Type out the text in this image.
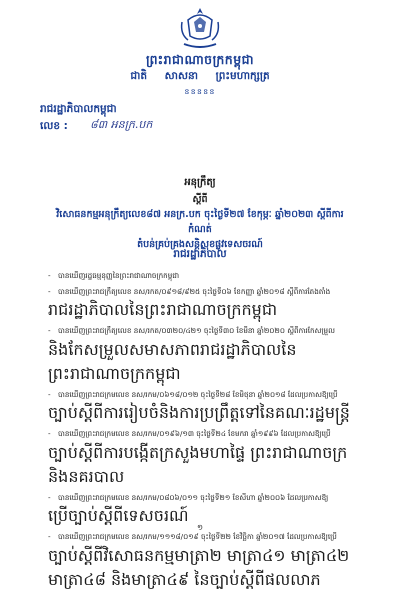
ព្រះរាជាណាចក្រកម្ពុជា
ជាតិ សាសនា ព្រះមហាក្សត្រ
ៜៜៜៜៜ
រាជរដ្ឋាភិបាលកម្ពុជា
លេខ : ៨៣ អនក្រ.បក
អនុក្រឹត្យ
ស្តីពី
វិសោធនកម្មអនុក្រឹត្យលេខ៨៧ អនក្រ.បក ចុះថ្ងៃទី២៧ ខែកុម្ភៈ ឆ្នាំ២០២៣ ស្តីពីការកំណត់
តំបន់គ្រប់គ្រងសន្តិសុខផ្លូវទេសចរណ៍
រាជរដ្ឋាភិបាល
-	បានឃើញរដ្ឋធម្មនុញ្ញនៃព្រះរាជាណាចក្រកម្ពុជា
-	បានឃើញព្រះរាជក្រឹត្យលេខ នស/រកត/០៩១៨/៩២៥ ចុះថ្ងៃទី០៦ ខែកញ្ញា ឆ្នាំ២០១៨ ស្តីពីការតែងតាំង
រាជរដ្ឋាភិបាលនៃព្រះរាជាណាចក្រកម្ពុជា
-	បានឃើញព្រះរាជក្រឹត្យលេខ នស/រកត/០៣២០/៤២១ ចុះថ្ងៃទី៣០ ខែមីនា ឆ្នាំ២០២០ ស្តីពីការកែសម្រួល
និងកែសម្រួលសមាសភាពរាជរដ្ឋាភិបាលនៃព្រះរាជាណាចក្រកម្ពុជា
-	បានឃើញព្រះរាជក្រមលេខ នស/រកម/០៦១៨/០១២ ចុះថ្ងៃទី២៨ ខែមិថុនា ឆ្នាំ២០១៨ ដែលប្រកាសឱ្យប្រើ
ច្បាប់ស្តីពីការរៀបចំនិងការប្រព្រឹត្តទៅនៃគណៈរដ្ឋមន្ត្រី
-	បានឃើញព្រះរាជក្រមលេខ នស/រកម/០១៩៦/១៣ ចុះថ្ងៃទី២៤ ខែមករា ឆ្នាំ១៩៩៦ ដែលប្រកាសឱ្យប្រើ
ច្បាប់ស្តីពីការបង្កើតក្រសួងមហាផ្ទៃ ព្រះរាជាណាចក្រ និងនគរបាល
-	បានឃើញព្រះរាជក្រមលេខ នស/រកម/០៨០៦/០១១ ចុះថ្ងៃទី២១ ខែសីហា ឆ្នាំ២០០៦ ដែលប្រកាសឱ្យ
ប្រើច្បាប់ស្តីពីទេសចរណ៍
-	បានឃើញព្រះរាជក្រមលេខ នស/រកម/១១១៨/០១៩ ចុះថ្ងៃទី២២ ខែវិច្ឆិកា ឆ្នាំ២០១៧ ដែលប្រកាសឱ្យប្រើ
ច្បាប់ស្តីពីវិសោធនកម្មមាត្រា២ មាត្រា៤១ មាត្រា៤២ មាត្រា៤៨ និងមាត្រា៤៩ នៃច្បាប់ស្តីពីផលលាភ
១
